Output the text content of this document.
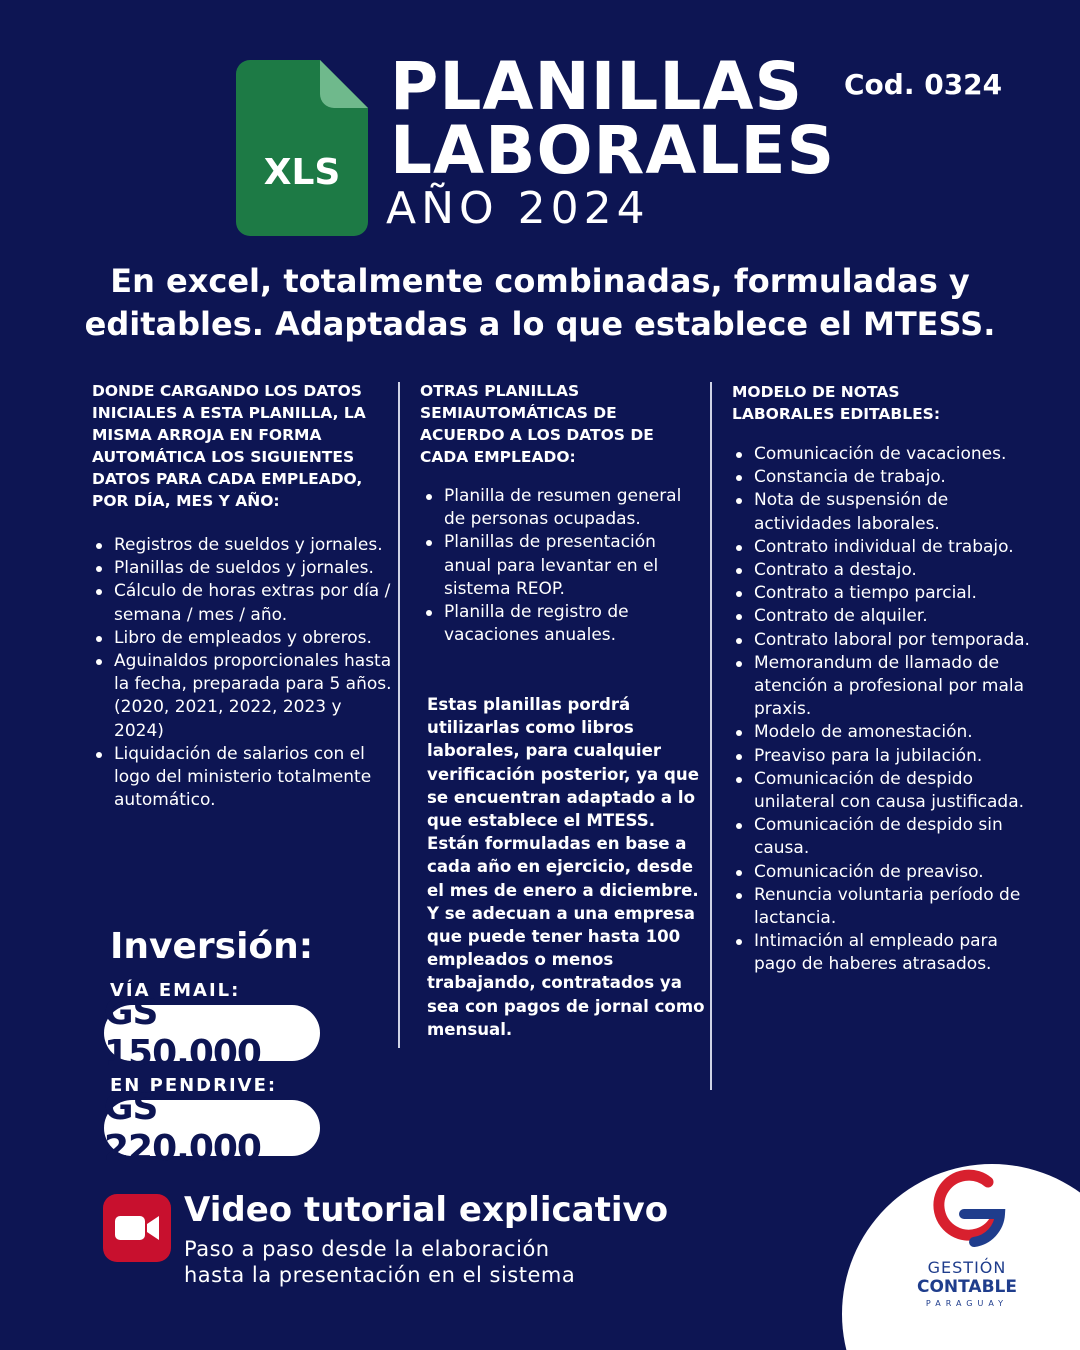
XLS
PLANILLAS
LABORALES
AÑO 2024
Cod. 0324
En excel, totalmente combinadas, formuladas y editables. Adaptadas a lo que establece el MTESS.
DONDE CARGANDO LOS DATOS INICIALES A ESTA PLANILLA, LA MISMA ARROJA EN FORMA AUTOMÁTICA LOS SIGUIENTES DATOS PARA CADA EMPLEADO, POR DÍA, MES Y AÑO:
Registros de sueldos y jornales.
Planillas de sueldos y jornales.
Cálculo de horas extras por día / semana / mes / año.
Libro de empleados y obreros.
Aguinaldos proporcionales hasta la fecha, preparada para 5 años. (2020, 2021, 2022, 2023 y 2024)
Liquidación de salarios con el logo del ministerio totalmente automático.
OTRAS PLANILLAS SEMIAUTOMÁTICAS DE ACUERDO A LOS DATOS DE CADA EMPLEADO:
Planilla de resumen general de personas ocupadas.
Planillas de presentación anual para levantar en el sistema REOP.
Planilla de registro de vacaciones anuales.
Estas planillas pordrá utilizarlas como libros laborales, para cualquier verificación posterior, ya que se encuentran adaptado a lo que establece el MTESS. Están formuladas en base a cada año en ejercicio, desde el mes de enero a diciembre. Y se adecuan a una empresa que puede tener hasta 100 empleados o menos trabajando, contratados ya sea con pagos de jornal como mensual.
MODELO DE NOTAS LABORALES EDITABLES:
Comunicación de vacaciones.
Constancia de trabajo.
Nota de suspensión de actividades laborales.
Contrato individual de trabajo.
Contrato a destajo.
Contrato a tiempo parcial.
Contrato de alquiler.
Contrato laboral por temporada.
Memorandum de llamado de atención a profesional por mala praxis.
Modelo de amonestación.
Preaviso para la jubilación.
Comunicación de despido unilateral con causa justificada.
Comunicación de despido sin causa.
Comunicación de preaviso.
Renuncia voluntaria período de lactancia.
Intimación al empleado para pago de haberes atrasados.
Inversión:
VÍA EMAIL:
GS 150.000
EN PENDRIVE:
GS 220.000
Video tutorial explicativo
Paso a paso desde la elaboración
hasta la presentación en el sistema	GESTIÓN
CONTABLE
PARAGUAY
